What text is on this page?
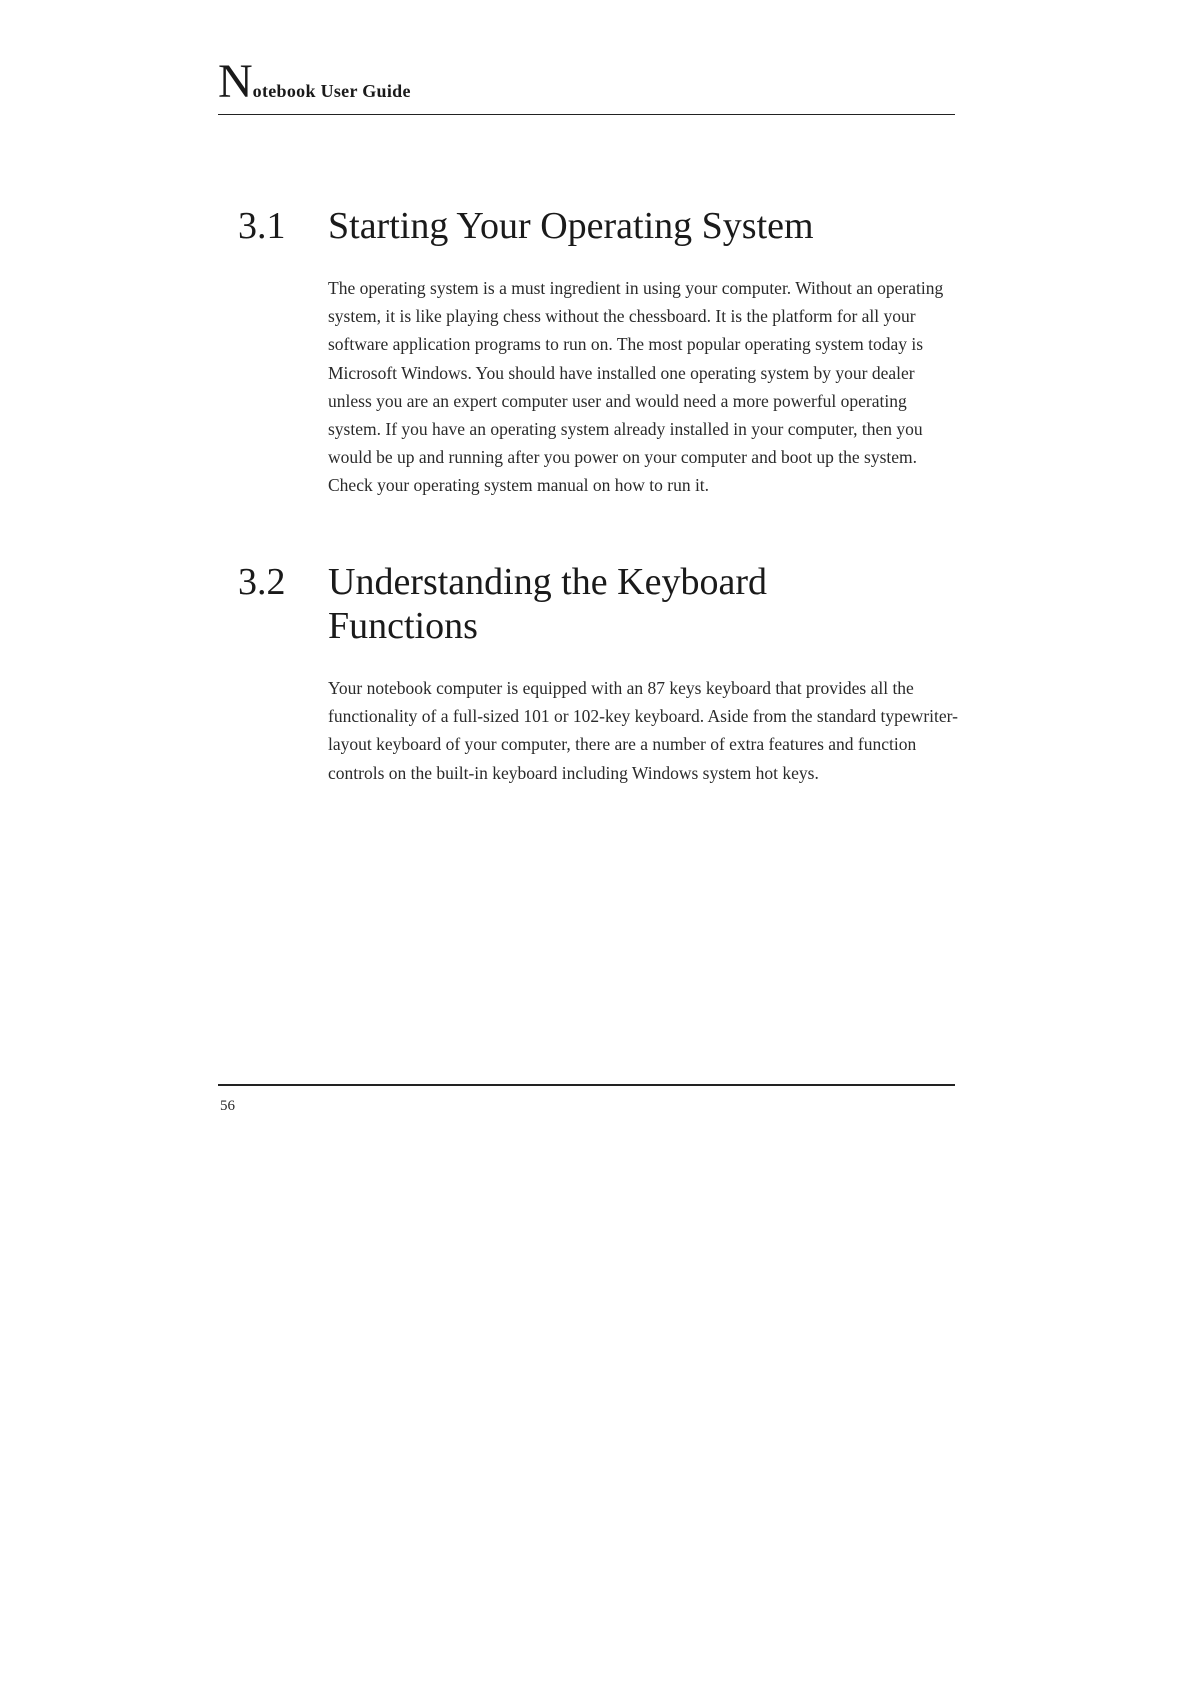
Notebook User Guide
3.1 Starting Your Operating System

The operating system is a must ingredient in using your computer. Without an operating system, it is like playing chess without the chessboard. It is the platform for all your software application programs to run on. The most popular operating system today is Microsoft Windows. You should have installed one operating system by your dealer unless you are an expert computer user and would need a more powerful operating system. If you have an operating system already installed in your computer, then you would be up and running after you power on your computer and boot up the system. Check your operating system manual on how to run it.

3.2 Understanding the Keyboard Functions

Your notebook computer is equipped with an 87 keys keyboard that provides all the functionality of a full-sized 101 or 102-key keyboard. Aside from the standard typewriter-layout keyboard of your computer, there are a number of extra features and function controls on the built-in keyboard including Windows system hot keys.

56
